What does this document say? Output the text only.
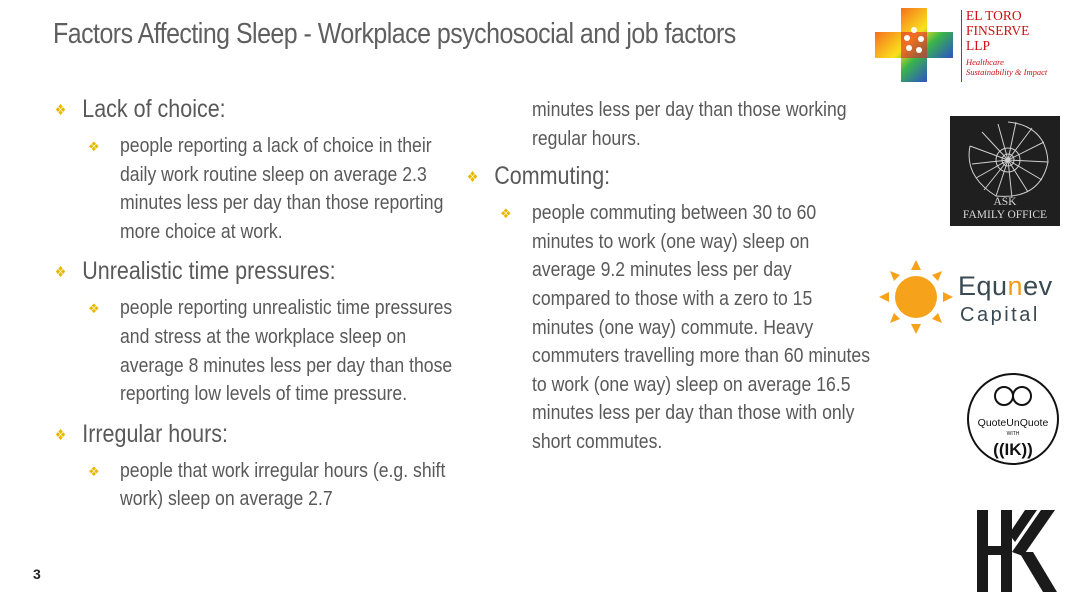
Factors Affecting Sleep - Workplace psychosocial and job factors
❖ Lack of choice:
❖ people reporting a lack of choice in their daily work routine sleep on average 2.3 minutes less per day than those reporting more choice at work.
❖ Unrealistic time pressures:
❖ people reporting unrealistic time pressures and stress at the workplace sleep on average 8 minutes less per day than those reporting low levels of time pressure.
❖ Irregular hours:
❖ people that work irregular hours (e.g. shift work) sleep on average 2.7
minutes less per day than those working regular hours.
❖ Commuting:
❖ people commuting between 30 to 60 minutes to work (one way) sleep on average 9.2 minutes less per day compared to those with a zero to 15 minutes (one way) commute. Heavy commuters travelling more than 60 minutes to work (one way) sleep on average 16.5 minutes less per day than those with only short commutes.
3
EL TORO
FINSERVE
LLP
Healthcare
Sustainability & Impact
ASK
FAMILY OFFICE
Equnev
Capital
QuoteUnQuote
WITH
((IK))
